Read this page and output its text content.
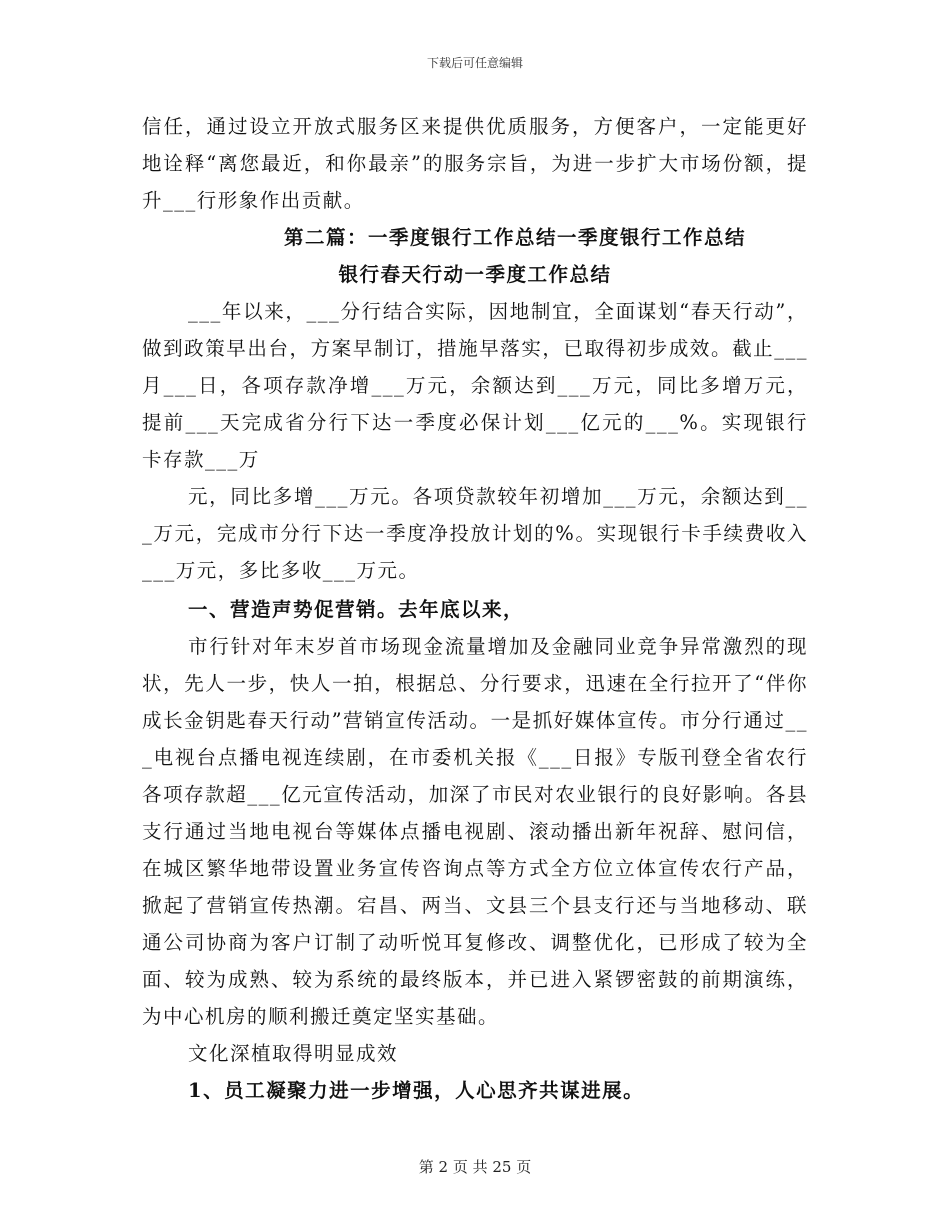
下载后可任意编辑

信任，通过设立开放式服务区来提供优质服务，方便客户，一定能更好地诠释“离您最近，和你最亲”的服务宗旨，为进一步扩大市场份额，提升___行形象作出贡献。

第二篇：一季度银行工作总结一季度银行工作总结

银行春天行动一季度工作总结

___年以来，___分行结合实际，因地制宜，全面谋划“春天行动”，做到政策早出台，方案早制订，措施早落实，已取得初步成效。截止___月___日，各项存款净增___万元，余额达到___万元，同比多增万元，提前___天完成省分行下达一季度必保计划___亿元的___%。实现银行卡存款___万

元，同比多增___万元。各项贷款较年初增加___万元，余额达到___万元，完成市分行下达一季度净投放计划的%。实现银行卡手续费收入___万元，多比多收___万元。

一、营造声势促营销。去年底以来，

市行针对年末岁首市场现金流量增加及金融同业竞争异常激烈的现状，先人一步，快人一拍，根据总、分行要求，迅速在全行拉开了“伴你成长金钥匙春天行动”营销宣传活动。一是抓好媒体宣传。市分行通过___电视台点播电视连续剧，在市委机关报《___日报》专版刊登全省农行各项存款超___亿元宣传活动，加深了市民对农业银行的良好影响。各县支行通过当地电视台等媒体点播电视剧、滚动播出新年祝辞、慰问信，在城区繁华地带设置业务宣传咨询点等方式全方位立体宣传农行产品，掀起了营销宣传热潮。宕昌、两当、文县三个县支行还与当地移动、联通公司协商为客户订制了动听悦耳复修改、调整优化，已形成了较为全面、较为成熟、较为系统的最终版本，并已进入紧锣密鼓的前期演练，为中心机房的顺利搬迁奠定坚实基础。

文化深植取得明显成效

1、员工凝聚力进一步增强，人心思齐共谋进展。

第 2 页 共 25 页
